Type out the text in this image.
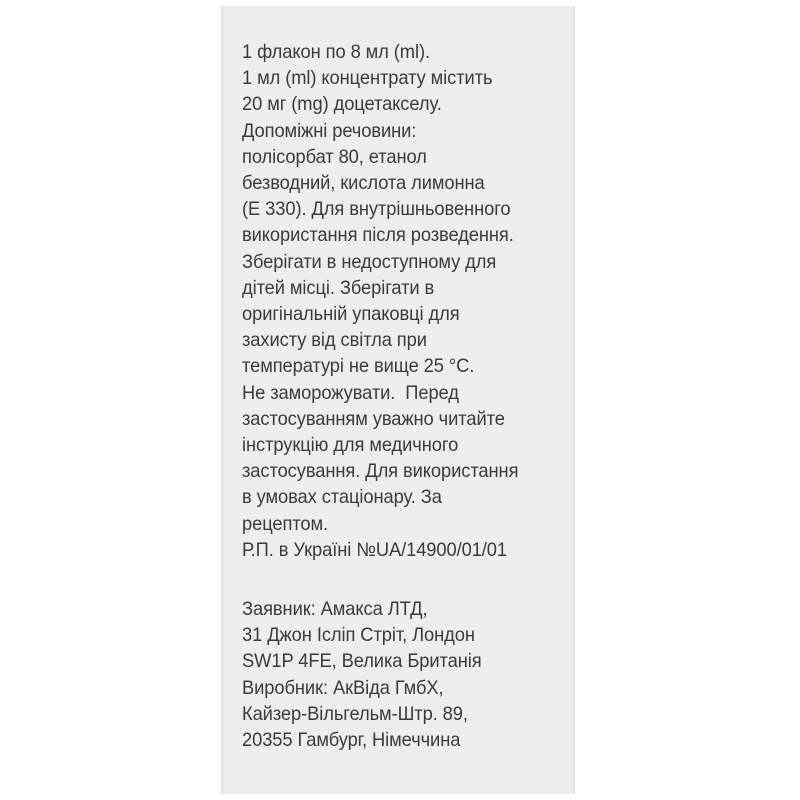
1 флакон по 8 мл (ml).
1 мл (ml) концентрату містить
20 мг (mg) доцетакселу.
Допоміжні речовини:
полісорбат 80, етанол
безводний, кислота лимонна
(Е 330). Для внутрішньовенного
використання після розведення.
Зберігати в недоступному для
дітей місці. Зберігати в
оригінальній упаковці для
захисту від світла при
температурі не вище 25 °С.
Не заморожувати.  Перед
застосуванням уважно читайте
інструкцію для медичного
застосування. Для використання
в умовах стаціонару. За
рецептом.
Р.П. в Україні №UA/14900/01/01
Заявник: Амакса ЛТД,
31 Джон Ісліп Стріт, Лондон
SW1P 4FE, Велика Британія
Виробник: АкВіда ГмбХ,
Кайзер-Вільгельм-Штр. 89,
20355 Гамбург, Німеччина
